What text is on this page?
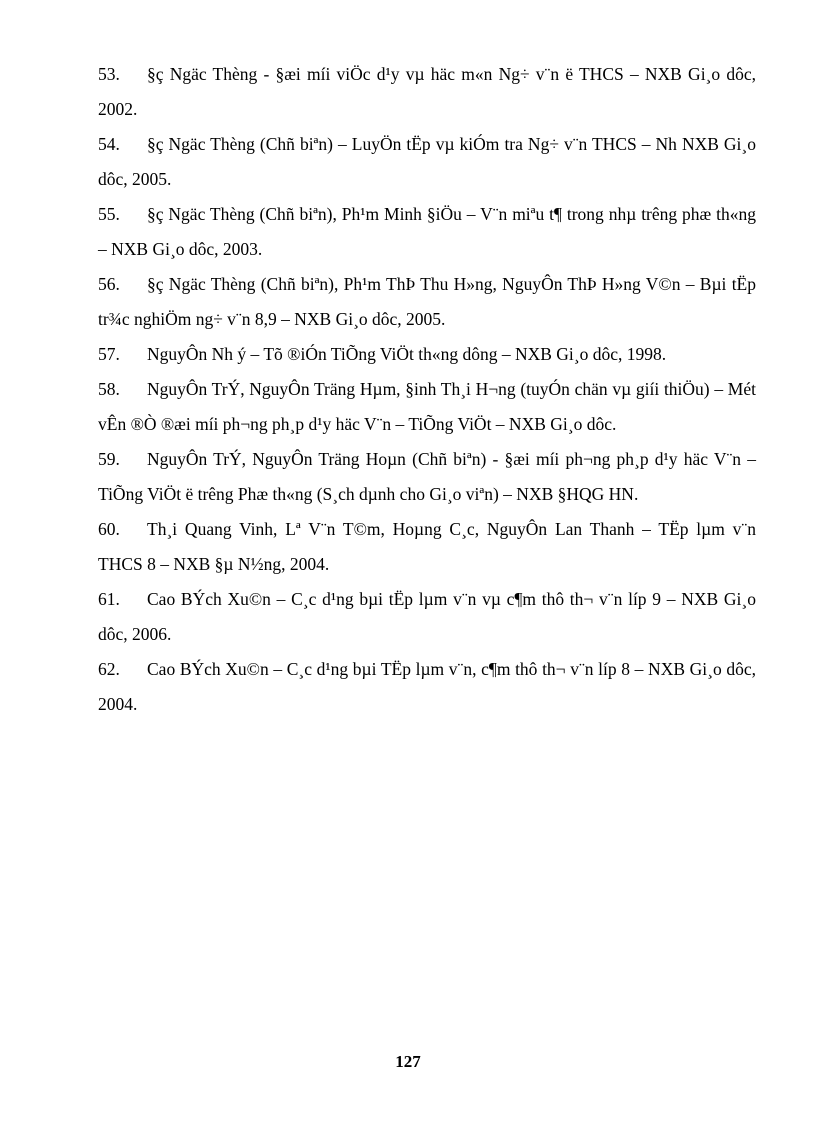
53. §ç Ngäc Thèng - §æi míi viÖc d¹y vµ häc m«n Ng÷ v¨n ë THCS – NXB Gi¸o dôc, 2002.
54. §ç Ngäc Thèng (Chñ biªn) – LuyÖn tËp vµ kiÓm tra Ng÷ v¨n THCS – Nh NXB Gi¸o dôc, 2005.
55. §ç Ngäc Thèng (Chñ biªn), Ph¹m Minh §iÖu – V¨n miªu t¶ trong nhµ trêng phæ th«ng – NXB Gi¸o dôc, 2003.
56. §ç Ngäc Thèng (Chñ biªn), Ph¹m ThÞ Thu H»ng, NguyÔn ThÞ H»ng V©n – Bµi tËp tr¾c nghiÖm ng÷ v¨n 8,9 – NXB Gi¸o dôc, 2005.
57. NguyÔn Nh ý – Tõ ®iÓn TiÕng ViÖt th«ng dông – NXB Gi¸o dôc, 1998.
58. NguyÔn TrÝ, NguyÔn Träng Hµm, §inh Th¸i H¬ng (tuyÓn chän vµ giíi thiÖu) – Mét vÊn ®Ò ®æi míi ph¬ng ph¸p d¹y häc V¨n – TiÕng ViÖt – NXB Gi¸o dôc.
59. NguyÔn TrÝ, NguyÔn Träng Hoµn (Chñ biªn) - §æi míi ph¬ng ph¸p d¹y häc V¨n – TiÕng ViÖt ë trêng Phæ th«ng (S¸ch dµnh cho Gi¸o viªn) – NXB §HQG HN.
60. Th¸i Quang Vinh, Lª V¨n T©m, Hoµng C¸c, NguyÔn Lan Thanh – TËp lµm v¨n THCS 8 – NXB §µ N½ng, 2004.
61. Cao BÝch Xu©n – C¸c d¹ng bµi tËp lµm v¨n vµ c¶m thô th¬ v¨n líp 9 – NXB Gi¸o dôc, 2006.
62. Cao BÝch Xu©n – C¸c d¹ng bµi TËp lµm v¨n, c¶m thô th¬ v¨n líp 8 – NXB Gi¸o dôc, 2004.
127
